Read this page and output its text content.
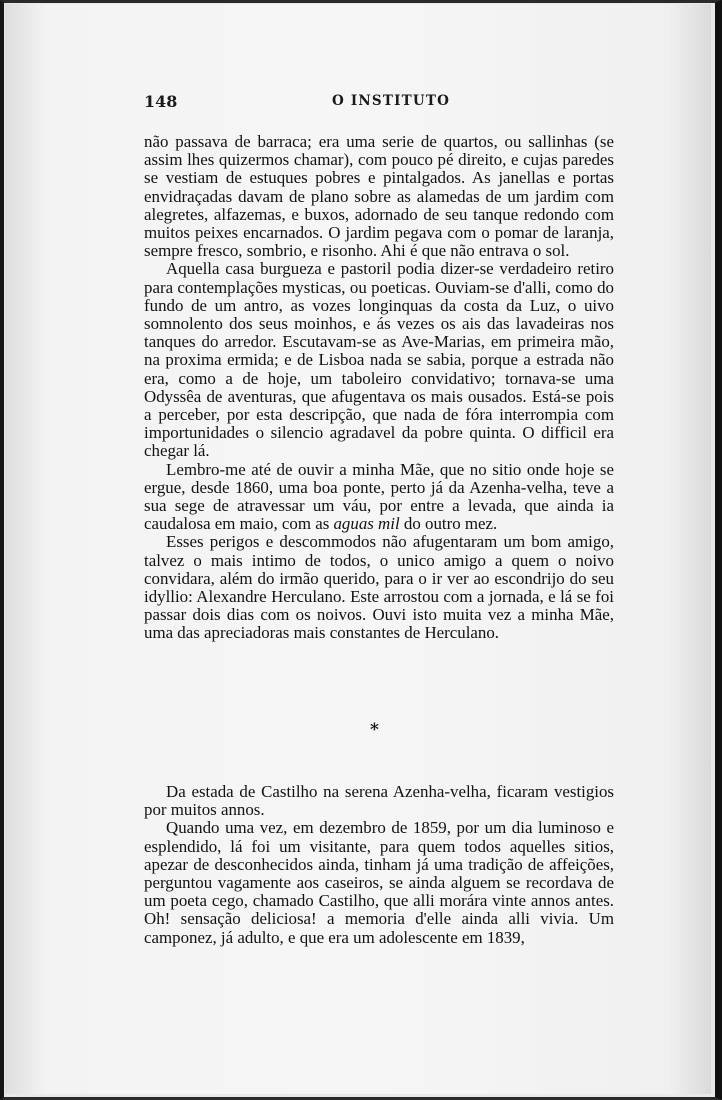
148	O INSTITUTO

não passava de barraca; era uma serie de quartos, ou sallinhas (se assim lhes quizermos chamar), com pouco pé direito, e cujas paredes se vestiam de estuques pobres e pintalgados. As janellas e portas envidraçadas davam de plano sobre as alamedas de um jardim com alegretes, alfazemas, e buxos, adornado de seu tanque redondo com muitos peixes encarnados. O jardim pegava com o pomar de laranja, sempre fresco, sombrio, e risonho. Ahi é que não entrava o sol.

Aquella casa burgueza e pastoril podia dizer-se verdadeiro retiro para contemplações mysticas, ou poeticas. Ouviam-se d'alli, como do fundo de um antro, as vozes longinquas da costa da Luz, o uivo somnolento dos seus moinhos, e ás vezes os ais das lavadeiras nos tanques do arredor. Escutavam-se as Ave-Marias, em primeira mão, na proxima ermida; e de Lisboa nada se sabia, porque a estrada não era, como a de hoje, um taboleiro convidativo; tornava-se uma Odyssêa de aventuras, que afugentava os mais ousados. Está-se pois a perceber, por esta descripção, que nada de fóra interrompia com importunidades o silencio agradavel da pobre quinta. O difficil era chegar lá.

Lembro-me até de ouvir a minha Mãe, que no sitio onde hoje se ergue, desde 1860, uma boa ponte, perto já da Azenha-velha, teve a sua sege de atravessar um váu, por entre a levada, que ainda ia caudalosa em maio, com as aguas mil do outro mez.

Esses perigos e descommodos não afugentaram um bom amigo, talvez o mais intimo de todos, o unico amigo a quem o noivo convidara, além do irmão querido, para o ir ver ao escondrijo do seu idyllio: Alexandre Herculano. Este arrostou com a jornada, e lá se foi passar dois dias com os noivos. Ouvi isto muita vez a minha Mãe, uma das apreciadoras mais constantes de Herculano.

*

Da estada de Castilho na serena Azenha-velha, ficaram vestigios por muitos annos.

Quando uma vez, em dezembro de 1859, por um dia luminoso e esplendido, lá foi um visitante, para quem todos aquelles sitios, apezar de desconhecidos ainda, tinham já uma tradição de affeições, perguntou vagamente aos caseiros, se ainda alguem se recordava de um poeta cego, chamado Castilho, que alli morára vinte annos antes. Oh! sensação deliciosa! a memoria d'elle ainda alli vivia. Um camponez, já adulto, e que era um adolescente em 1839,
